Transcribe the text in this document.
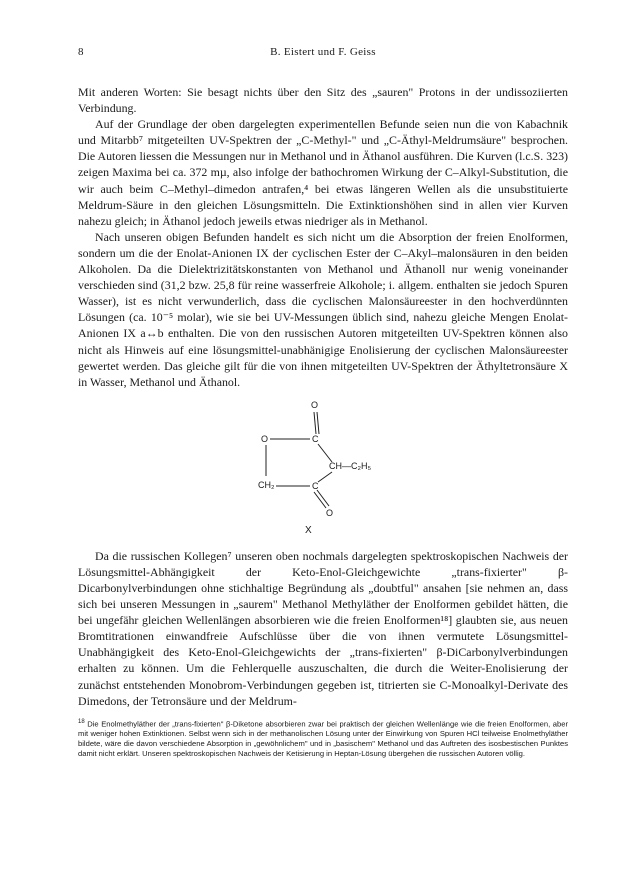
8	B. Eistert und F. Geiss

Mit anderen Worten: Sie besagt nichts über den Sitz des „sauren" Protons in der undissoziierten Verbindung.

Auf der Grundlage der oben dargelegten experimentellen Befunde seien nun die von Kabachnik und Mitarbb⁷ mitgeteilten UV-Spektren der „C-Methyl-" und „C-Äthyl-Meldrumsäure" besprochen. Die Autoren liessen die Messungen nur in Methanol und in Äthanol ausführen. Die Kurven (l.c.S. 323) zeigen Maxima bei ca. 372 mµ, also infolge der bathochromen Wirkung der C–Alkyl-Substitution, die wir auch beim C–Methyl–dimedon antrafen,⁴ bei etwas längeren Wellen als die unsubstituierte Meldrum-Säure in den gleichen Lösungsmitteln. Die Extinktionshöhen sind in allen vier Kurven nahezu gleich; in Äthanol jedoch jeweils etwas niedriger als in Methanol.

Nach unseren obigen Befunden handelt es sich nicht um die Absorption der freien Enolformen, sondern um die der Enolat-Anionen IX der cyclischen Ester der C–Akyl–malonsäuren in den beiden Alkoholen. Da die Dielektrizitätskonstanten von Methanol und Äthanoll nur wenig voneinander verschieden sind (31,2 bzw. 25,8 für reine wasserfreie Alkohole; i. allgem. enthalten sie jedoch Spuren Wasser), ist es nicht verwunderlich, dass die cyclischen Malonsäureester in den hochverdünnten Lösungen (ca. 10⁻⁵ molar), wie sie bei UV-Messungen üblich sind, nahezu gleiche Mengen Enolat-Anionen IX a↔b enthalten. Die von den russischen Autoren mitgeteilten UV-Spektren können also nicht als Hinweis auf eine lösungsmittel-unabhänigige Enolisierung der cyclischen Malonsäureester gewertet werden. Das gleiche gilt für die von ihnen mitgeteilten UV-Spektren der Äthyltetronsäure X in Wasser, Methanol und Äthanol.

O
C
O
CH—C₂H₅
CH₂	C
O
X

Da die russischen Kollegen⁷ unseren oben nochmals dargelegten spektroskopischen Nachweis der Lösungsmittel-Abhängigkeit der Keto-Enol-Gleichgewichte „trans-fixierter" β-Dicarbonylverbindungen ohne stichhaltige Begründung als „doubtful" ansahen [sie nehmen an, dass sich bei unseren Messungen in „saurem" Methanol Methyläther der Enolformen gebildet hätten, die bei ungefähr gleichen Wellenlängen absorbieren wie die freien Enolformen¹⁸] glaubten sie, aus neuen Bromtitrationen einwandfreie Aufschlüsse über die von ihnen vermutete Lösungsmittel-Unabhängigkeit des Keto-Enol-Gleichgewichts der „trans-fixierten" β-DiCarbonylverbindungen erhalten zu können. Um die Fehlerquelle auszuschalten, die durch die Weiter-Enolisierung der zunächst entstehenden Monobrom-Verbindungen gegeben ist, titrierten sie C-Monoalkyl-Derivate des Dimedons, der Tetronsäure und der Meldrum-

$^{18}$ Die Enolmethyläther der „trans-fixierten" β-Diketone absorbieren zwar bei praktisch der gleichen Wellenlänge wie die freien Enolformen, aber mit weniger hohen Extinktionen. Selbst wenn sich in der methanolischen Lösung unter der Einwirkung von Spuren HCl teilweise Enolmethyläther bildete, wäre die davon verschiedene Absorption in „gewöhnlichem" und in „basischem" Methanol und das Auftreten des isosbestischen Punktes damit nicht erklärt. Unseren spektroskopischen Nachweis der Ketisierung in Heptan-Lösung übergehen die russischen Autoren völlig.
